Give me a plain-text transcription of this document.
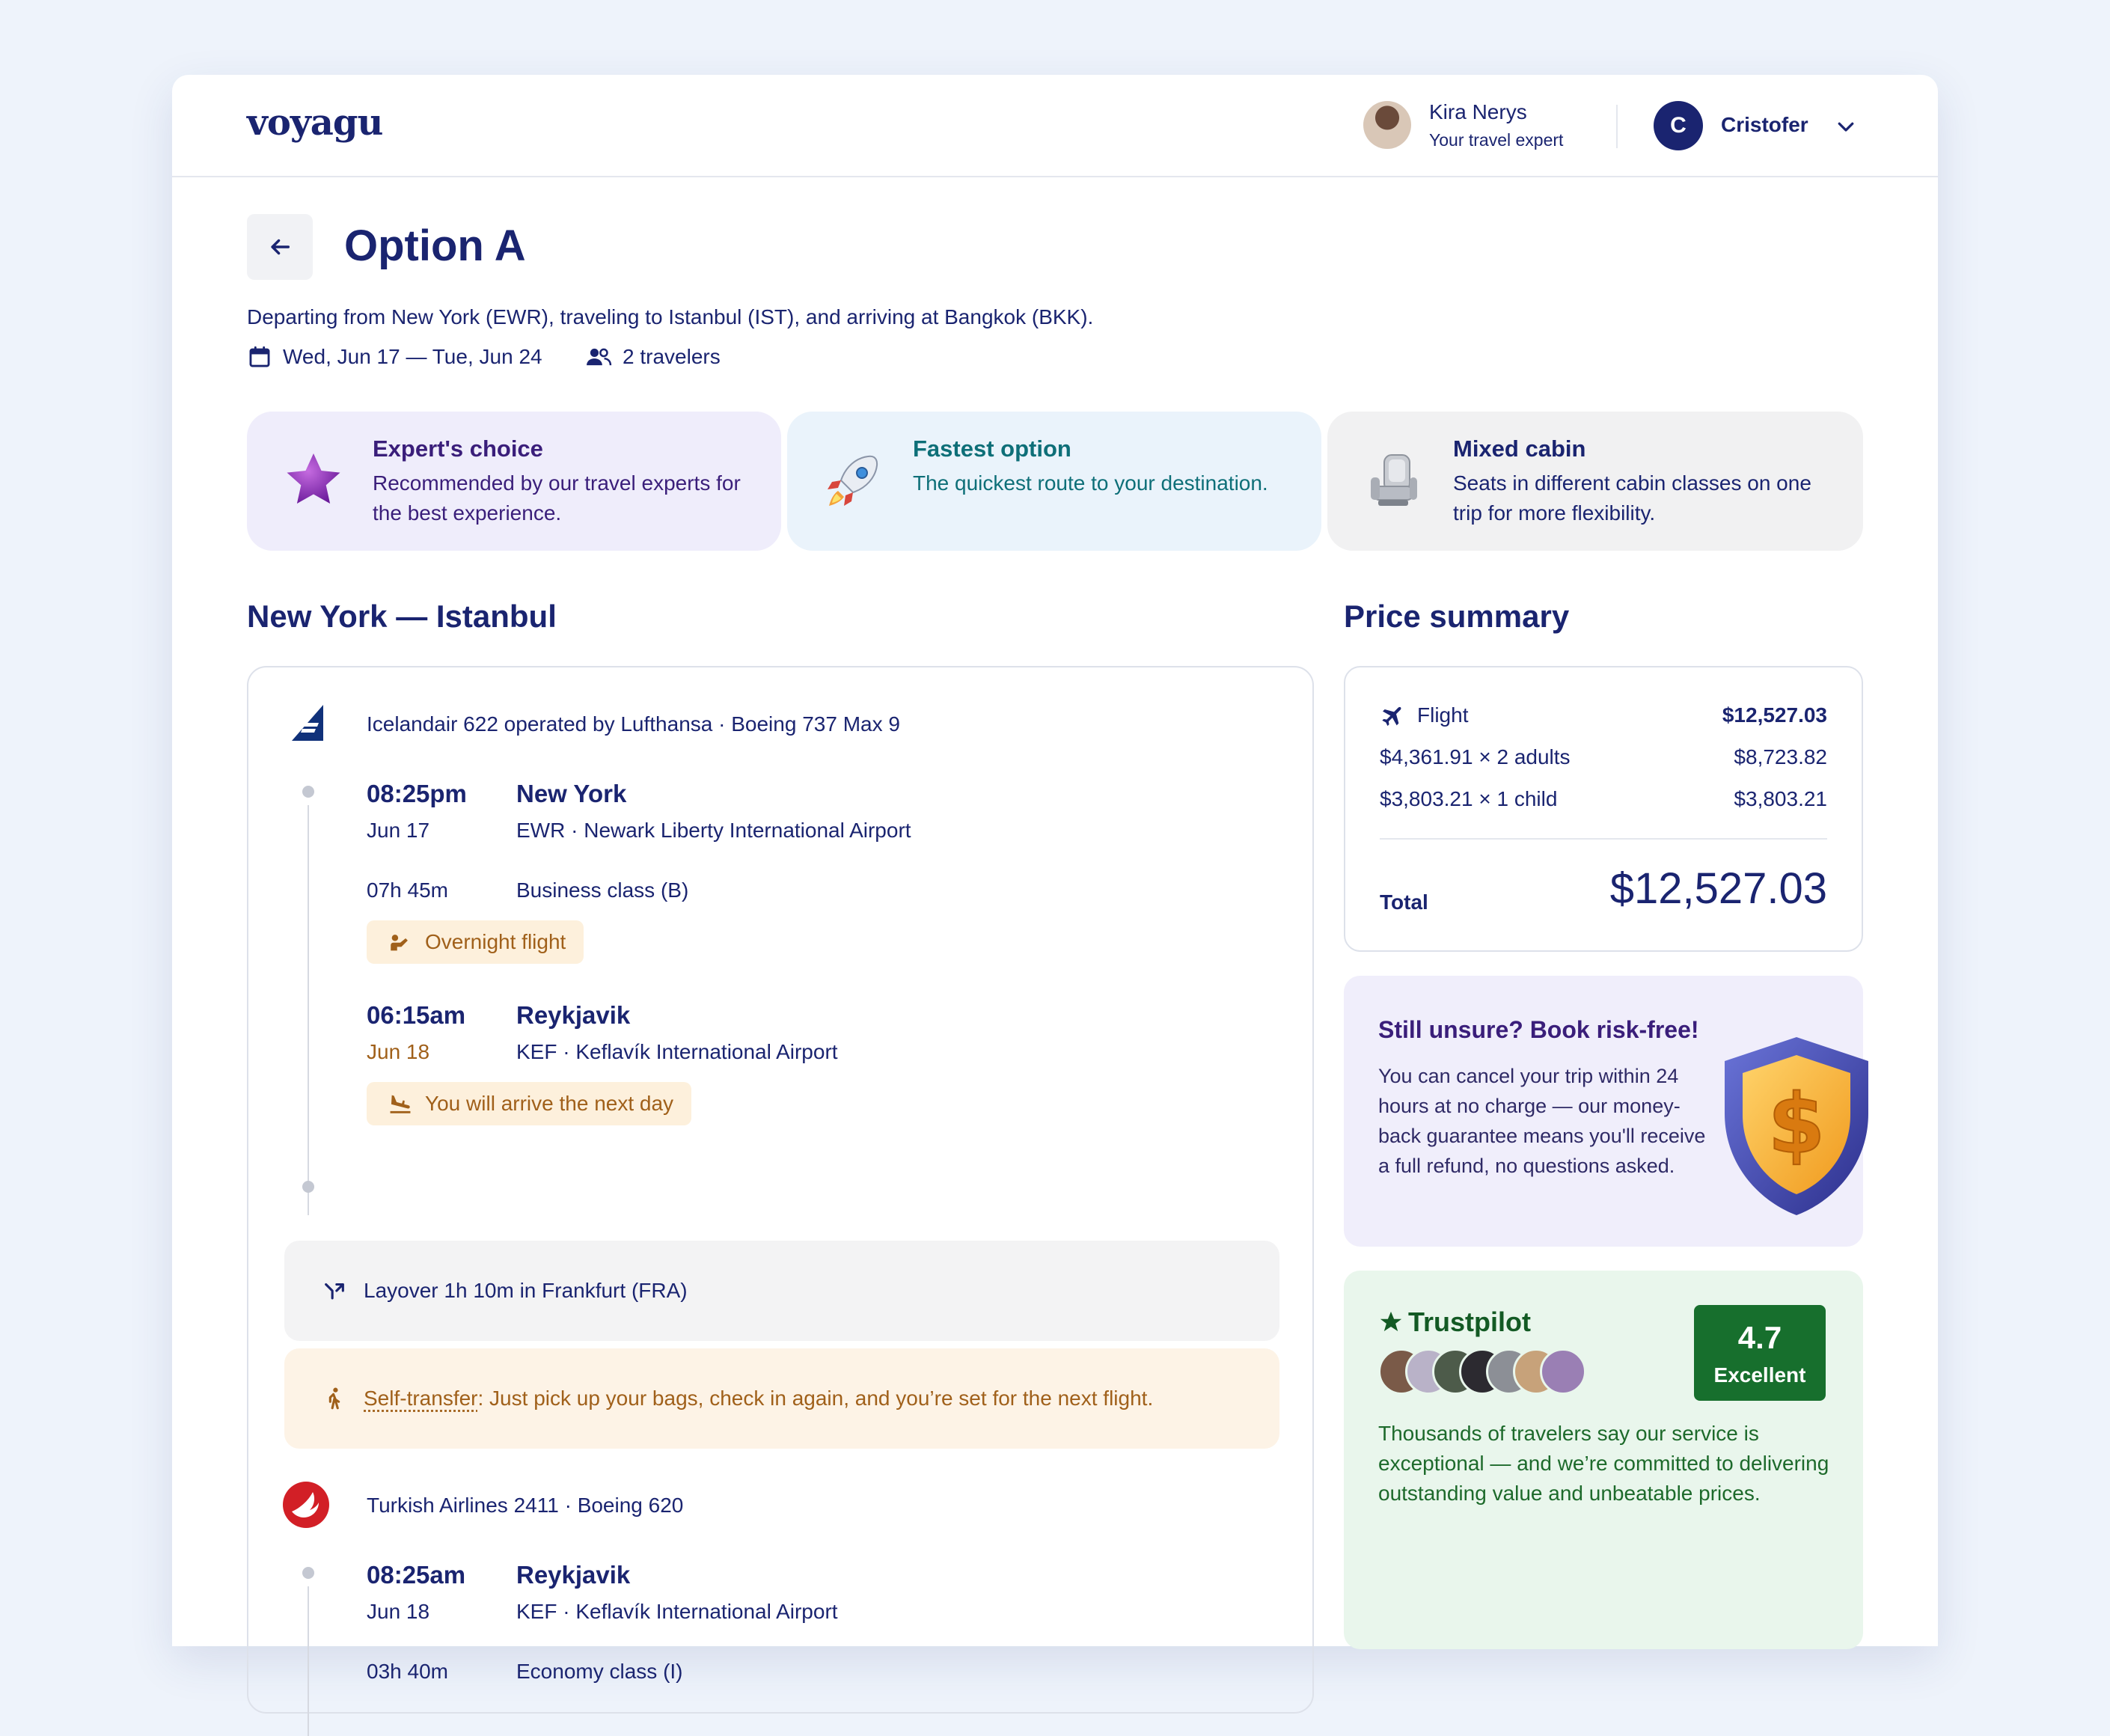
voyagu	Kira Nerys
Your travel expert
C	Cristofer
Option A
Departing from New York (EWR), traveling to Istanbul (IST), and arriving at Bangkok (BKK).
Wed, Jun 17 — Tue, Jun 24	2 travelers
Expert's choice
Recommended by our travel experts for the best experience.
Fastest option
The quickest route to your destination.
Mixed cabin
Seats in different cabin classes on one trip for more flexibility.
New York — Istanbul
Icelandair 622 operated by Lufthansa · Boeing 737 Max 9
08:25pm
Jun 17
New York
EWR · Newark Liberty International Airport
07h 45m	Business class (B)
Overnight flight
06:15am
Jun 18
Reykjavik
KEF · Keflavík International Airport
You will arrive the next day
Layover 1h 10m in Frankfurt (FRA)
Self-transfer: Just pick up your bags, check in again, and you’re set for the next flight.
Turkish Airlines 2411 · Boeing 620
08:25am
Jun 18
Reykjavik
KEF · Keflavík International Airport
03h 40m	Economy class (I)
Price summary
Flight	$12,527.03
$4,361.91 × 2 adults	$8,723.82
$3,803.21 × 1 child	$3,803.21
Total	$12,527.03
Still unsure? Book risk-free!
You can cancel your trip within 24 hours at no charge — our money-back guarantee means you'll receive a full refund, no questions asked.	$
Trustpilot	4.7
Excellent
Thousands of travelers say our service is exceptional — and we’re committed to delivering outstanding value and unbeatable prices.
